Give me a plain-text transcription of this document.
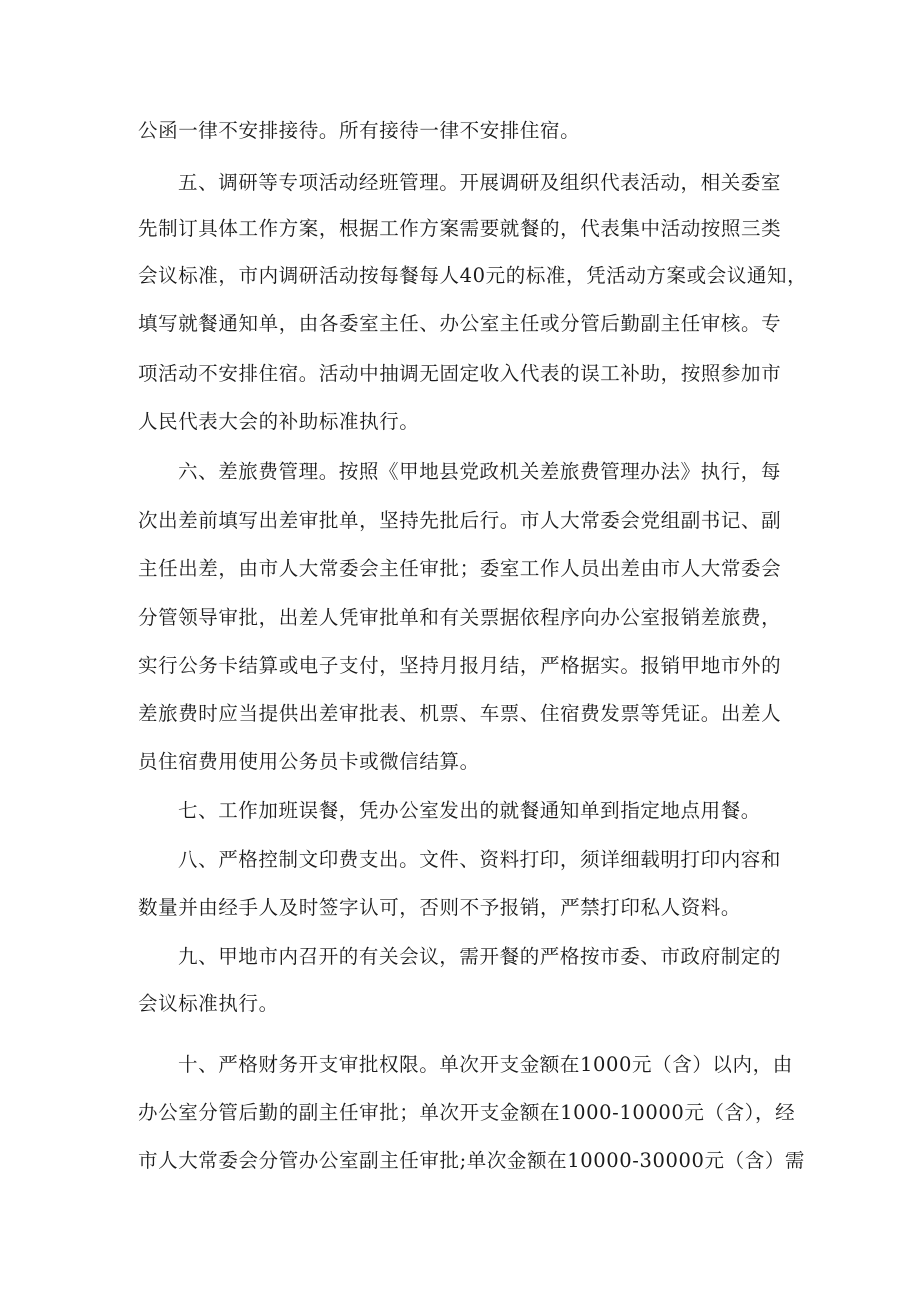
公函一律不安排接待。所有接待一律不安排住宿。
五、调研等专项活动经班管理。开展调研及组织代表活动，相关委室
先制订具体工作方案，根据工作方案需要就餐的，代表集中活动按照三类
会议标准，市内调研活动按每餐每人40元的标准，凭活动方案或会议通知，
填写就餐通知单，由各委室主任、办公室主任或分管后勤副主任审核。专
项活动不安排住宿。活动中抽调无固定收入代表的误工补助，按照参加市
人民代表大会的补助标准执行。
六、差旅费管理。按照《甲地县党政机关差旅费管理办法》执行，每
次出差前填写出差审批单，坚持先批后行。市人大常委会党组副书记、副
主任出差，由市人大常委会主任审批；委室工作人员出差由市人大常委会
分管领导审批，出差人凭审批单和有关票据依程序向办公室报销差旅费，
实行公务卡结算或电子支付，坚持月报月结，严格据实。报销甲地市外的
差旅费时应当提供出差审批表、机票、车票、住宿费发票等凭证。出差人
员住宿费用使用公务员卡或微信结算。
七、工作加班误餐，凭办公室发出的就餐通知单到指定地点用餐。
八、严格控制文印费支出。文件、资料打印，须详细载明打印内容和
数量并由经手人及时签字认可，否则不予报销，严禁打印私人资料。
九、甲地市内召开的有关会议，需开餐的严格按市委、市政府制定的
会议标准执行。
十、严格财务开支审批权限。单次开支金额在1000元（含）以内，由
办公室分管后勤的副主任审批；单次开支金额在1000-10000元（含），经
市人大常委会分管办公室副主任审批;单次金额在10000-30000元（含）需
